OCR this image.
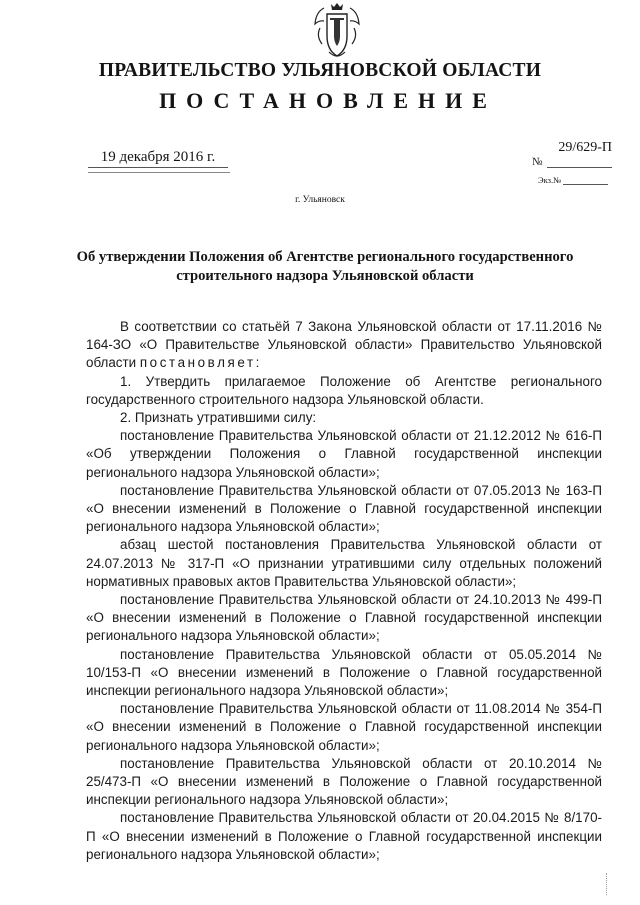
ПРАВИТЕЛЬСТВО УЛЬЯНОВСКОЙ ОБЛАСТИ
ПОСТАНОВЛЕНИЕ
19 декабря 2016 г.
29/629-П
№
Экз.№
г. Ульяновск

Об утверждении Положения об Агентстве регионального государственного строительного надзора Ульяновской области

В соответствии со статьёй 7 Закона Ульяновской области от 17.11.2016 № 164-ЗО «О Правительстве Ульяновской области» Правительство Ульяновской области постановляет:

1. Утвердить прилагаемое Положение об Агентстве регионального государственного строительного надзора Ульяновской области.

2. Признать утратившими силу:

постановление Правительства Ульяновской области от 21.12.2012 № 616-П «Об утверждении Положения о Главной государственной инспекции регионального надзора Ульяновской области»;

постановление Правительства Ульяновской области от 07.05.2013 № 163-П «О внесении изменений в Положение о Главной государственной инспекции регионального надзора Ульяновской области»;

абзац шестой постановления Правительства Ульяновской области от 24.07.2013 № 317-П «О признании утратившими силу отдельных положений нормативных правовых актов Правительства Ульяновской области»;

постановление Правительства Ульяновской области от 24.10.2013 № 499-П «О внесении изменений в Положение о Главной государственной инспекции регионального надзора Ульяновской области»;

постановление Правительства Ульяновской области от 05.05.2014 № 10/153-П «О внесении изменений в Положение о Главной государственной инспекции регионального надзора Ульяновской области»;

постановление Правительства Ульяновской области от 11.08.2014 № 354-П «О внесении изменений в Положение о Главной государственной инспекции регионального надзора Ульяновской области»;

постановление Правительства Ульяновской области от 20.10.2014 № 25/473-П «О внесении изменений в Положение о Главной государственной инспекции регионального надзора Ульяновской области»;

постановление Правительства Ульяновской области от 20.04.2015 № 8/170-П «О внесении изменений в Положение о Главной государственной инспекции регионального надзора Ульяновской области»;
